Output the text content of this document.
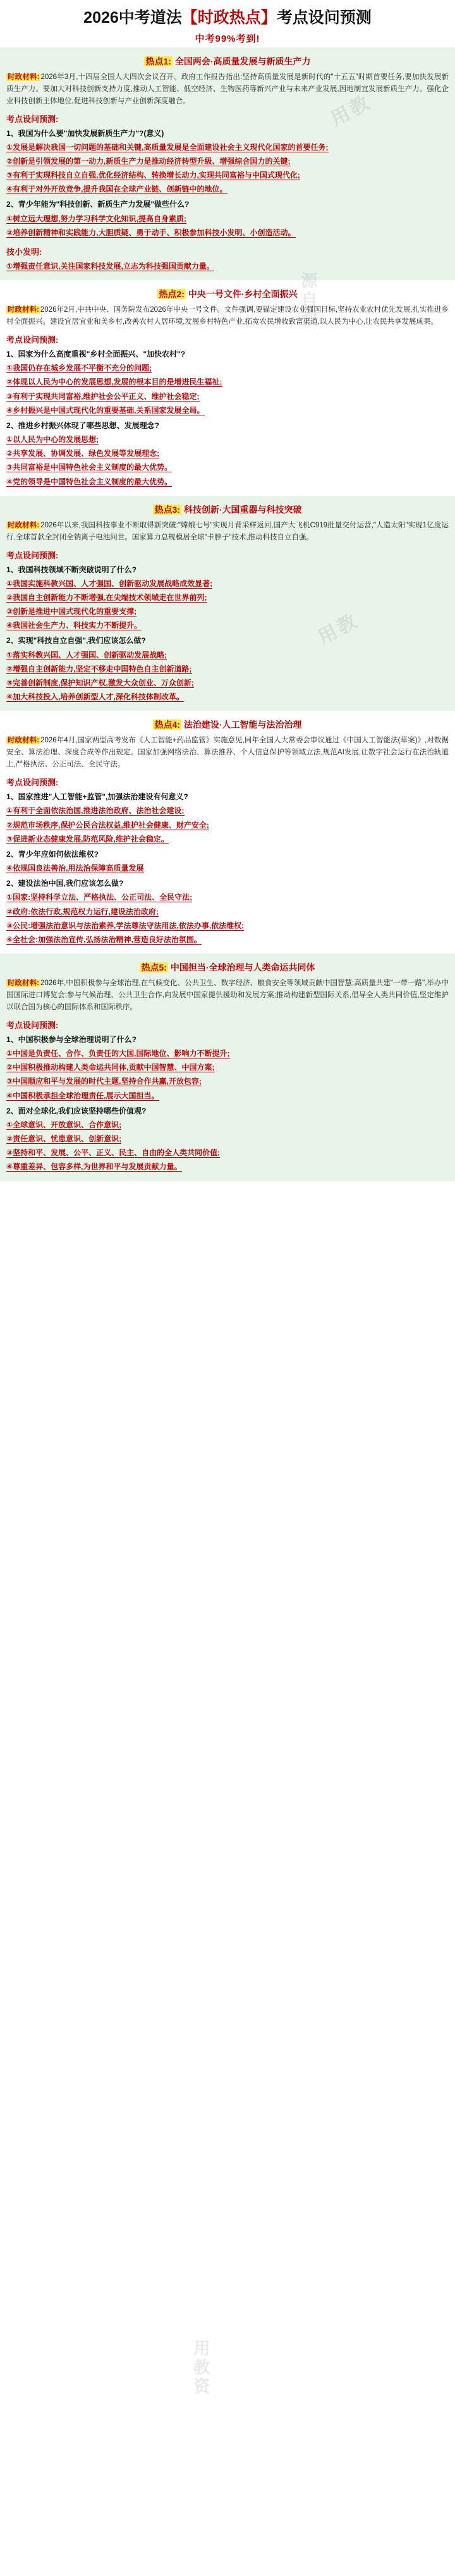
用教资
2026中考道法【时政热点】考点设问预测
中考99%考到!
热点1: 全国两会·高质量发展与新质生产力
时政材料: 2026年3月,十四届全国人大四次会议召开。政府工作报告指出:坚持高质量发展是新时代的"十五五"时期首要任务,要加快发展新质生产力。要加大对科技创新支持力度,推动人工智能、低空经济、生物医药等新兴产业与未来产业发展,因地制宜发展新质生产力。强化企业科技创新主体地位,促进科技创新与产业创新深度融合。
考点设问预测:
1、我国为什么要"加快发展新质生产力"?(意义)
①发展是解决我国一切问题的基础和关键,高质量发展是全面建设社会主义现代化国家的首要任务;
②创新是引领发展的第一动力,新质生产力是推动经济转型升级、增强综合国力的关键;
③有利于实现科技自立自强,优化经济结构、转换增长动力,实现共同富裕与中国式现代化;
④有利于对外开放竞争,提升我国在全球产业链、创新链中的地位。
2、青少年能为"科技创新、新质生产力发展"做些什么?
①树立远大理想,努力学习科学文化知识,提高自身素质;
②培养创新精神和实践能力,大胆质疑、勇于动手、积极参加科技小发明、小创造活动。
技小发明:
①增强责任意识,关注国家科技发展,立志为科技强国贡献力量。
热点2: 中央一号文件·乡村全面振兴
时政材料: 2026年2月,中共中央、国务院发布2026年中央一号文件。文件强调,要锚定建设农业强国目标,坚持农业农村优先发展,扎实推进乡村全面振兴。建设宜居宜业和美乡村,改善农村人居环境,发展乡村特色产业,拓宽农民增收致富渠道,以人民为中心,让农民共享发展成果。
考点设问预测:
1、国家为什么高度重视"乡村全面振兴、"加快农村"?
①我国仍存在城乡发展不平衡不充分的问题;
②体现以人民为中心的发展思想,发展的根本目的是增进民生福祉;
③有利于实现共同富裕,维护社会公平正义、维护社会稳定;
④乡村振兴是中国式现代化的重要基础,关系国家发展全局。
2、推进乡村振兴体现了哪些思想、发展理念?
①以人民为中心的发展思想;
②共享发展、协调发展、绿色发展等发展理念;
③共同富裕是中国特色社会主义制度的最大优势。
④党的领导是中国特色社会主义制度的最大优势。
热点3: 科技创新·大国重器与科技突破
时政材料: 2026年以来,我国科技事业不断取得新突破:"嫦娥七号"实现月背采样返回,国产大飞机C919批量交付运营,"人造太阳"实现1亿度运行,全球首款全封闭全钠离子电池问世。国家算力总规模居全球"卡脖子"技术,推动科技自立自强。
考点设问预测:
1、我国科技领域不断突破说明了什么?
①我国实施科教兴国、人才强国、创新驱动发展战略成效显著;
②我国自主创新能力不断增强,在尖端技术领域走在世界前列;
③创新是推进中国式现代化的重要支撑;
④我国社会生产力、科技实力不断提升。
2、实现"科技自立自强",我们应该怎么做?
①落实科教兴国、人才强国、创新驱动发展战略;
②增强自主创新能力,坚定不移走中国特色自主创新道路;
③完善创新制度,保护知识产权,激发大众创业、万众创新;
④加大科技投入,培养创新型人才,深化科技体制改革。
热点4: 法治建设·人工智能与法治治理
时政材料: 2026年4月,国家两型高考发布《人工智能+药品监管》实施意见,同年全国人大常委会审议通过《中国人工智能法(草案)》,对数据安全、算法治理、深度合成等作出规定。国家加强网络法治、算法推荐、个人信息保护等领域立法,规范AI发展,让数字社会运行在法治轨道上,严格执法、公正司法、全民守法。
考点设问预测:
1、国家推进"人工智能+监管",加强法治建设有何意义?
①有利于全面依法治国,推进法治政府、法治社会建设;
②规范市场秩序,保护公民合法权益,维护社会健康、财产安全;
③促进新业态健康发展,防范风险,维护社会稳定。
2、青少年应如何依法维权?
④依规国良法善治,用法治保障高质量发展
2、建设法治中国,我们应该怎么做?
①国家:坚持科学立法、严格执法、公正司法、全民守法;
②政府:依法行政,规范权力运行,建设法治政府;
③公民:增强法治意识与法治素养,学法尊法守法用法,依法办事,依法维权;
④全社会:加强法治宣传,弘扬法治精神,营造良好法治氛围。
热点5: 中国担当·全球治理与人类命运共同体
时政材料: 2026年,中国积极参与全球治理,在气候变化、公共卫生、数字经济、粮食安全等领域贡献中国智慧;高质量共建"一带一路",举办中国国际进口博览会;参与气候治理、公共卫生合作,向发展中国家提供援助和发展方案;推动构建新型国际关系,倡导全人类共同价值,坚定维护以联合国为核心的国际体系和国际秩序。
考点设问预测:
1、中国积极参与全球治理说明了什么?
①中国是负责任、合作、负责任的大国,国际地位、影响力不断提升;
②中国积极推动构建人类命运共同体,贡献中国智慧、中国方案;
③中国顺应和平与发展的时代主题,坚持合作共赢,开放包容;
④中国积极承担全球治理责任,展示大国担当。
2、面对全球化,我们应该坚持哪些价值观?
①全球意识、开放意识、合作意识;
②责任意识、忧患意识、创新意识;
③坚持和平、发展、公平、正义、民主、自由的全人类共同价值;
④尊重差异、包容多样,为世界和平与发展贡献力量。
